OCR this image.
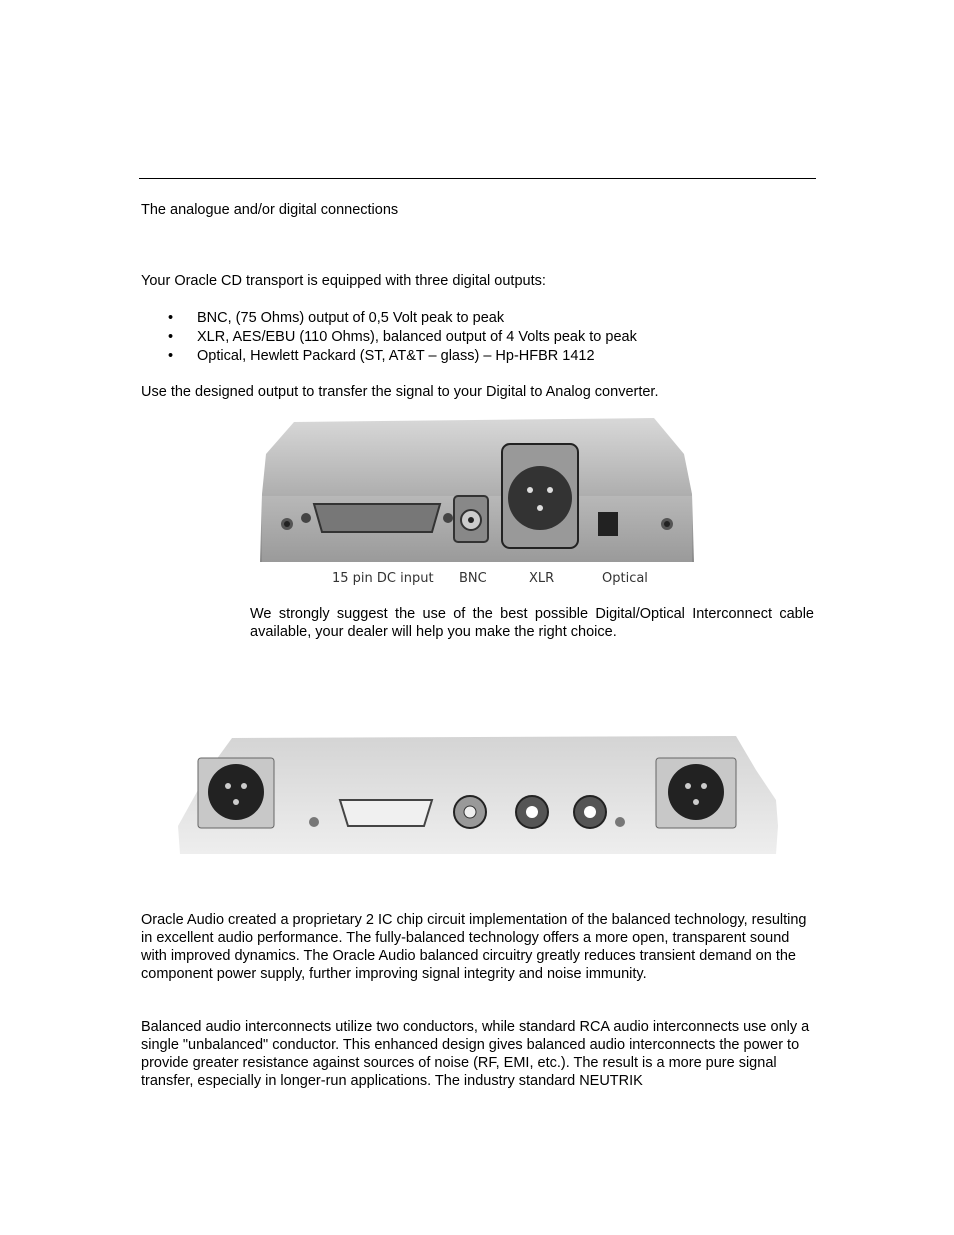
The analogue and/or digital connections

Your Oracle CD transport is equipped with three digital outputs:

• BNC, (75 Ohms) output of 0,5 Volt peak to peak
• XLR, AES/EBU (110 Ohms), balanced output of 4 Volts peak to peak
• Optical, Hewlett Packard (ST, AT&T – glass) – Hp-HFBR 1412

Use the designed output to transfer the signal to your Digital to Analog converter.

15 pin DC input BNC	XLR	Optical

We strongly suggest the use of the best possible Digital/Optical Interconnect cable available, your dealer will help you make the right choice.

Oracle Audio created a proprietary 2 IC chip circuit implementation of the balanced technology, resulting in excellent audio performance. The fully-balanced technology offers a more open, transparent sound with improved dynamics. The Oracle Audio balanced circuitry greatly reduces transient demand on the component power supply, further improving signal integrity and noise immunity.

Balanced audio interconnects utilize two conductors, while standard RCA audio interconnects use only a single "unbalanced" conductor. This enhanced design gives balanced audio interconnects the power to provide greater resistance against sources of noise (RF, EMI, etc.). The result is a more pure signal transfer, especially in longer-run applications. The industry standard NEUTRIK
